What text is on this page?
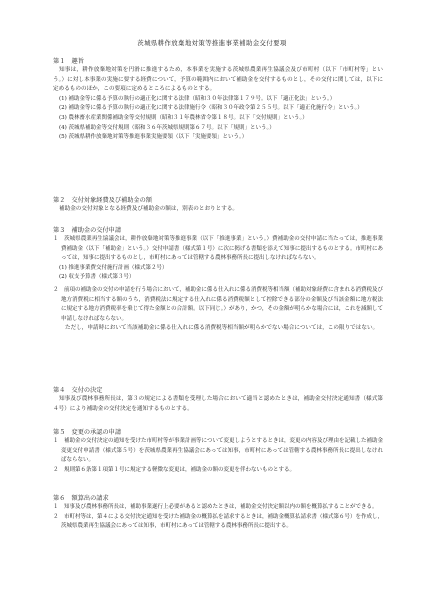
茨城県耕作放棄地対策等推進事業補助金交付要項
第１　趣旨
知事は，耕作放棄地対策を円滑に推進するため，本事業を実施する茨城県農業再生協議会及び市町村（以下「市町村等」という。）に対し本事業の実施に要する経費について，予算の範囲内において補助金を交付するものとし，その交付に関しては，以下に定めるもののほか，この要項に定めるところによるものとする。
(1) 補助金等に係る予算の執行の適正化に関する法律（昭和３０年法律第１７９号。以下「適正化法」という。）
(2) 補助金等に係る予算の執行の適正化に関する法律施行令（昭和３０年政令第２５５号。以下「適正化施行令」という。）
(3) 農林畜水産業関係補助金等交付規則（昭和３１年農林省令第１８号。以下「交付規則」という。）
(4) 茨城県補助金等交付規則（昭和３６年茨城県規則第６７号。以下「規則」という。）
(5) 茨城県耕作放棄地対策等推進事業実施要領（以下「実施要領」という。）
第２　交付対象経費及び補助金の額
補助金の交付対象となる経費及び補助金の額は，別表のとおりとする。
第３　補助金の交付申請
１　茨城県農業再生協議会は，耕作放棄地対策等推進事業（以下「推進事業」という。）費補助金の交付申請に当たっては，推進事業費補助金（以下「補助金」という。）交付申請書（様式第１号）に次に掲げる書類を添えて知事に提出するものとする。市町村にあっては，知事に提出するものとし，市町村にあっては管轄する農林事務所長に提出しなければならない。
(1) 推進事業費交付施行計画（様式第２号）
(2) 収支予算書（様式第３号）
２　前項の補助金の交付の申請を行う場合において，補助金に係る仕入れに係る消費税等相当額（補助対象経費に含まれる消費税及び地方消費税に相当する額のうち，消費税法に規定する仕入れに係る消費税額として控除できる部分の金額及び当該金額に地方税法に規定する地方消費税率を乗じて得た金額との合計額。以下同じ。）があり，かつ，その金額が明らかな場合には，これを減額して申請しなければならない。
ただし，申請時において当該補助金に係る仕入れに係る消費税等相当額が明らかでない場合については，この限りではない。
第４　交付の決定
知事及び農林事務所長は，第３の規定による書類を受理した場合において適当と認めたときは，補助金交付決定通知書（様式第４号）により補助金の交付決定を通知するものとする。
第５　変更の承認の申請
１　補助金の交付決定の通知を受けた市町村等が事業計画等について変更しようとするときは，変更の内容及び理由を記載した補助金変更交付申請書（様式第５号）を茨城県農業再生協議会にあっては知事，市町村にあっては管轄する農林事務所長に提出しなければならない。
２　規則第６条第１項第１号に規定する軽微な変更は，補助金の額の変更を伴わないものとする。
第６　額算出の請求
１　知事及び農林事務所長は，補助事業遂行上必要があると認めたときは，補助金交付決定額以内の額を概算払することができる。
２　市町村等は，第４による交付決定通知を受けた補助金の概算払を請求するときは，補助金概算払請求書（様式第６号）を作成し，茨城県農業再生協議会にあっては知事，市町村にあっては管轄する農林事務所長に提出する。
